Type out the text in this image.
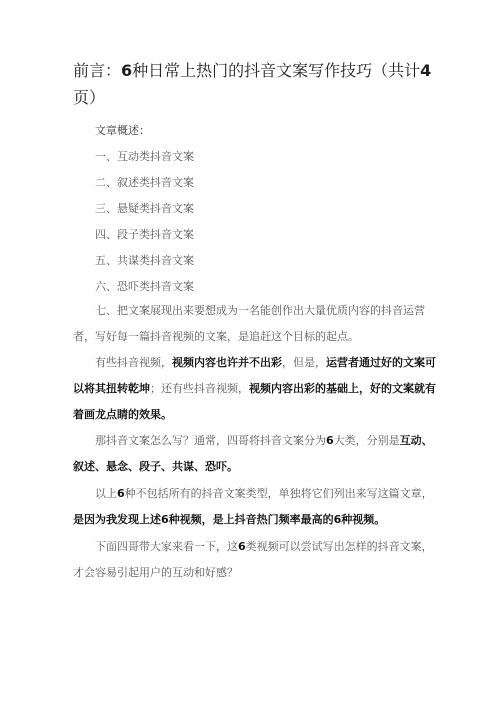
前言：6种日常上热门的抖音文案写作技巧（共计4页）
文章概述：
一、互动类抖音文案
二、叙述类抖音文案
三、悬疑类抖音文案
四、段子类抖音文案
五、共谋类抖音文案
六、恐吓类抖音文案

七、把文案展现出来要想成为一名能创作出大量优质内容的抖音运营者，写好每一篇抖音视频的文案，是追赶这个目标的起点。

有些抖音视频，视频内容也许并不出彩，但是，运营者通过好的文案可以将其扭转乾坤；还有些抖音视频，视频内容出彩的基础上，好的文案就有着画龙点睛的效果。

那抖音文案怎么写？通常，四哥将抖音文案分为6大类，分别是互动、叙述、悬念、段子、共谋、恐吓。

以上6种不包括所有的抖音文案类型，单独将它们列出来写这篇文章，是因为我发现上述6种视频，是上抖音热门频率最高的6种视频。

下面四哥带大家来看一下，这6类视频可以尝试写出怎样的抖音文案，才会容易引起用户的互动和好感？
